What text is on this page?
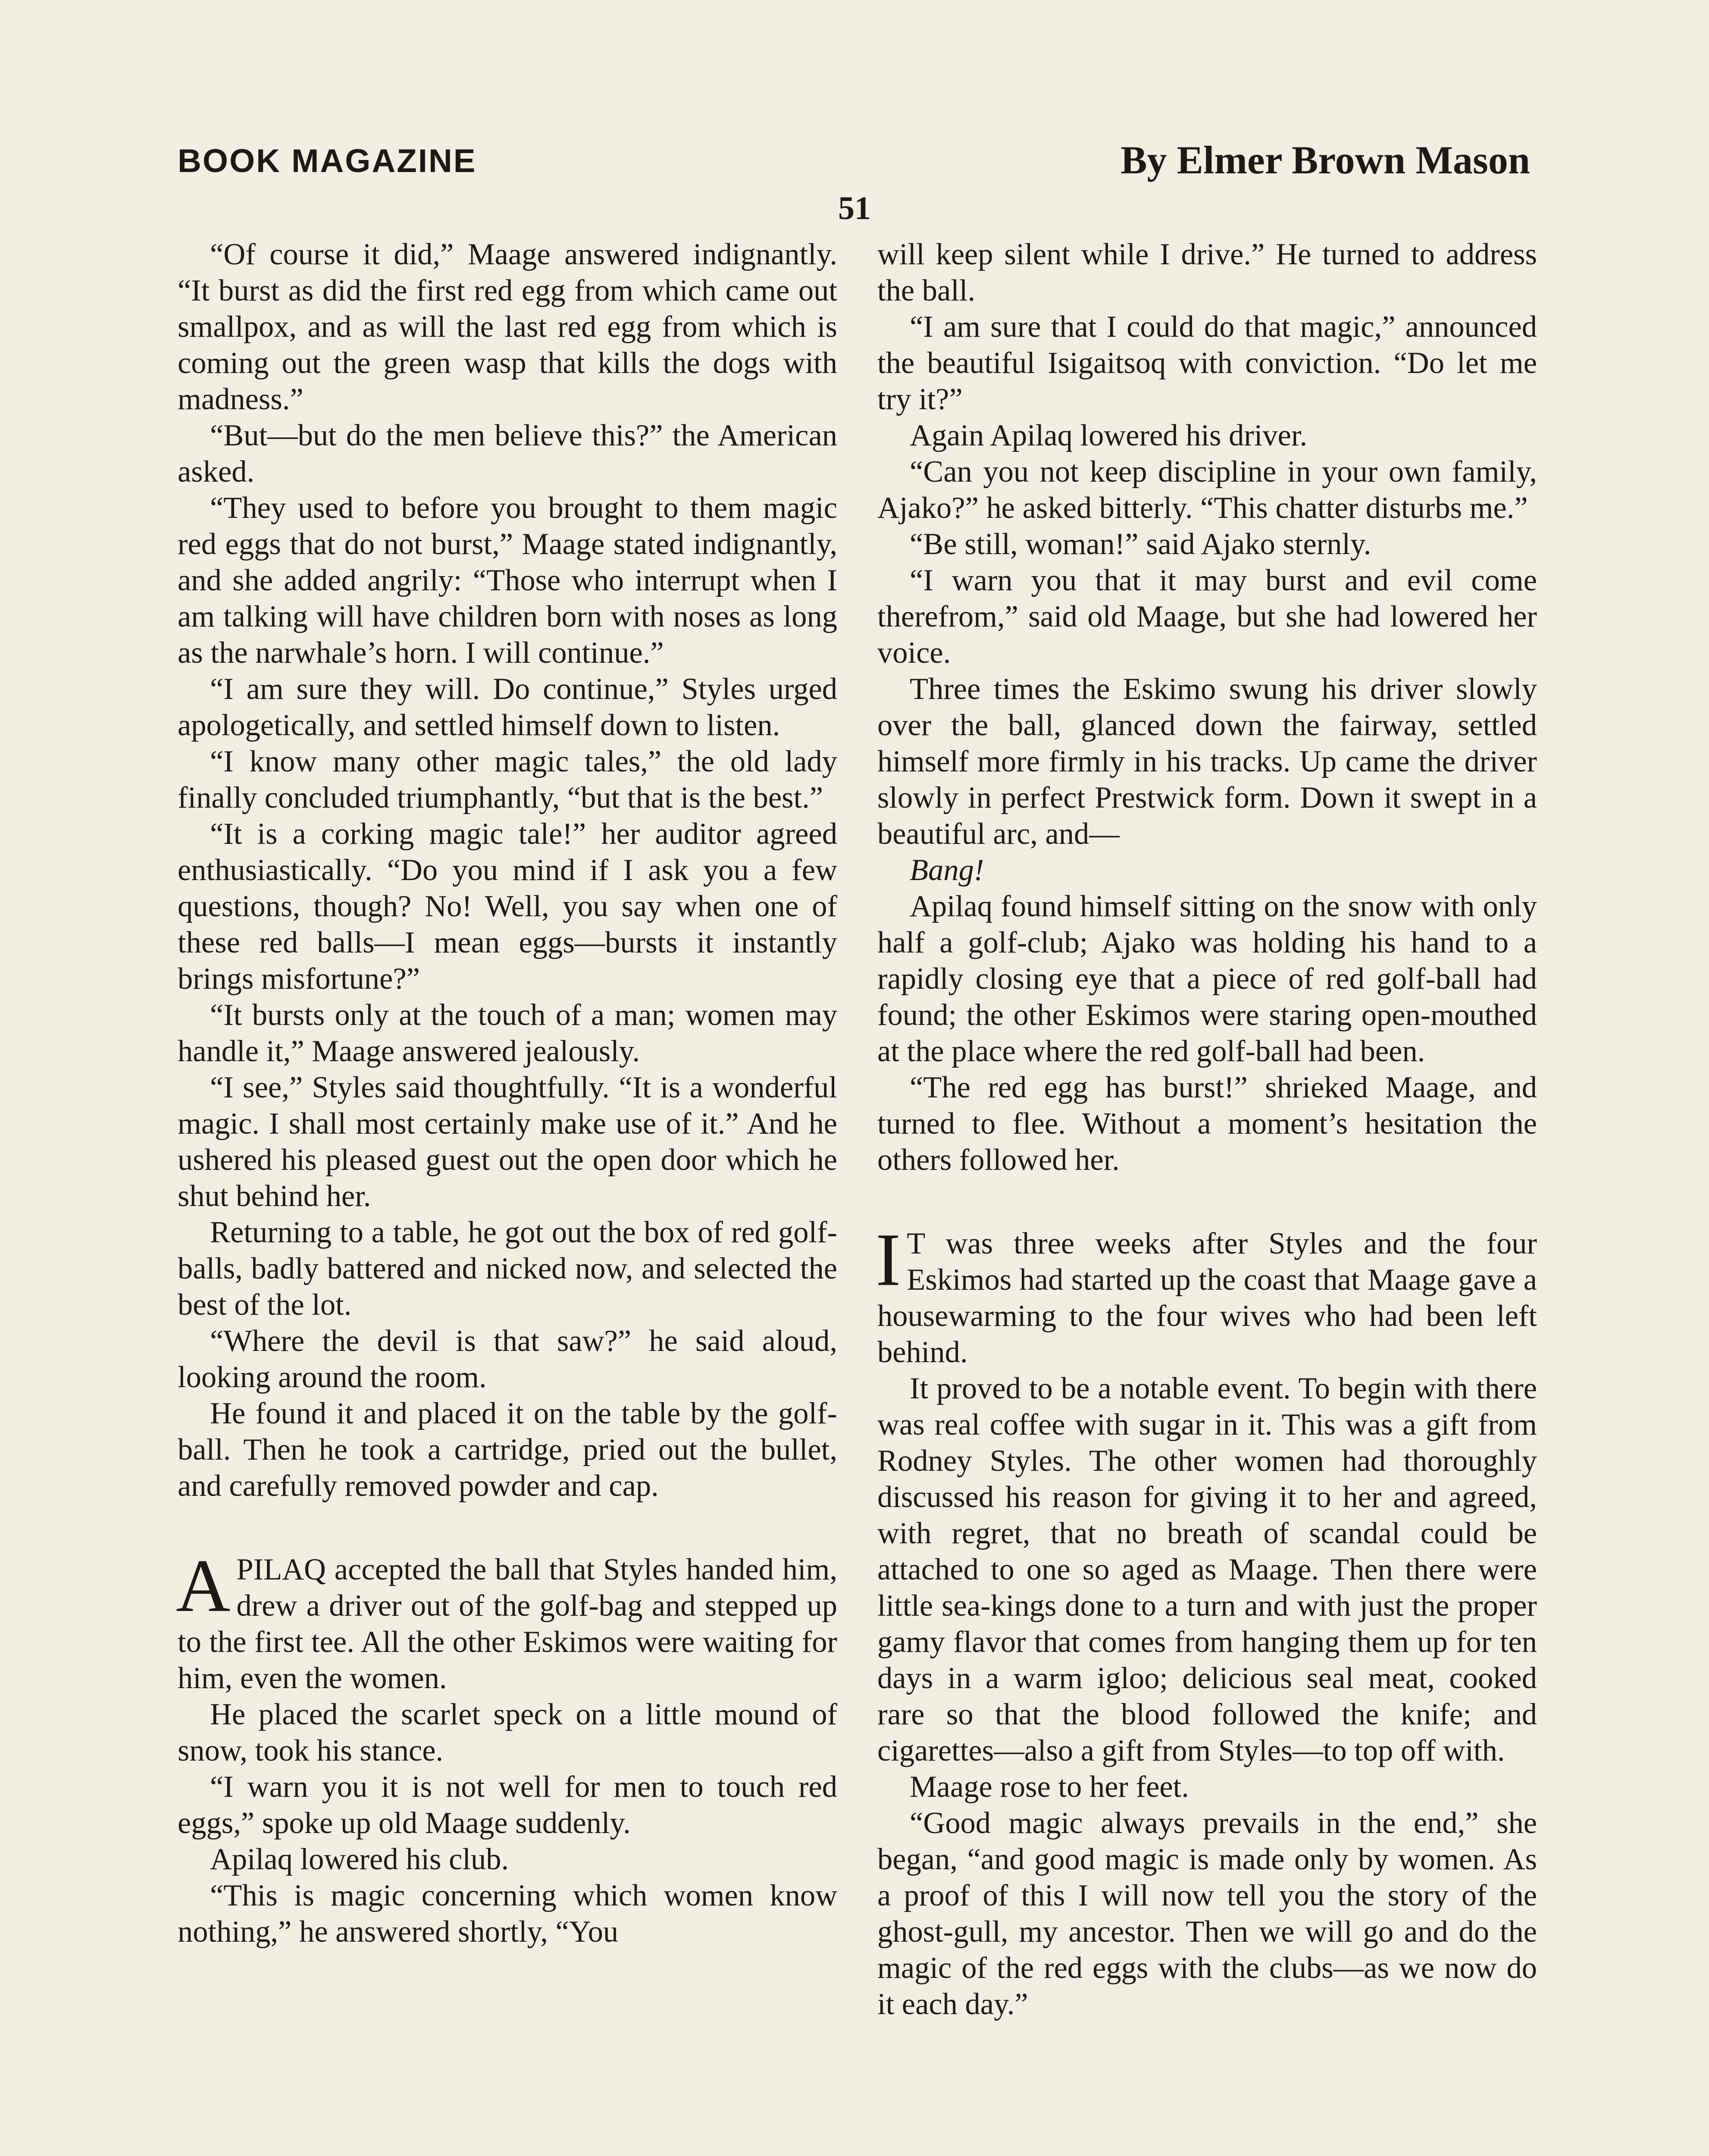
BOOK MAGAZINE	By Elmer Brown Mason
51

“Of course it did,” Maage answered indignantly. “It burst as did the first red egg from which came out smallpox, and as will the last red egg from which is coming out the green wasp that kills the dogs with madness.”

“But—but do the men believe this?” the American asked.

“They used to before you brought to them magic red eggs that do not burst,” Maage stated indignantly, and she added angrily: “Those who interrupt when I am talking will have children born with noses as long as the narwhale’s horn. I will continue.”

“I am sure they will. Do continue,” Styles urged apologetically, and settled himself down to listen.

“I know many other magic tales,” the old lady finally concluded triumphantly, “but that is the best.”

“It is a corking magic tale!” her auditor agreed enthusiastically. “Do you mind if I ask you a few questions, though? No! Well, you say when one of these red balls—I mean eggs—bursts it instantly brings misfortune?”

“It bursts only at the touch of a man; women may handle it,” Maage answered jealously.

“I see,” Styles said thoughtfully. “It is a wonderful magic. I shall most certainly make use of it.” And he ushered his pleased guest out the open door which he shut behind her.

Returning to a table, he got out the box of red golf-balls, badly battered and nicked now, and selected the best of the lot.

“Where the devil is that saw?” he said aloud, looking around the room.

He found it and placed it on the table by the golf-ball. Then he took a cartridge, pried out the bullet, and carefully removed powder and cap.

APILAQ accepted the ball that Styles handed him, drew a driver out of the golf-bag and stepped up to the first tee. All the other Eskimos were waiting for him, even the women.

He placed the scarlet speck on a little mound of snow, took his stance.

“I warn you it is not well for men to touch red eggs,” spoke up old Maage suddenly.

Apilaq lowered his club.

“This is magic concerning which women know nothing,” he answered shortly, “You

will keep silent while I drive.” He turned to address the ball.

“I am sure that I could do that magic,” announced the beautiful Isigaitsoq with conviction. “Do let me try it?”

Again Apilaq lowered his driver.

“Can you not keep discipline in your own family, Ajako?” he asked bitterly. “This chatter disturbs me.”

“Be still, woman!” said Ajako sternly.

“I warn you that it may burst and evil come therefrom,” said old Maage, but she had lowered her voice.

Three times the Eskimo swung his driver slowly over the ball, glanced down the fairway, settled himself more firmly in his tracks. Up came the driver slowly in perfect Prestwick form. Down it swept in a beautiful arc, and—

Bang!

Apilaq found himself sitting on the snow with only half a golf-club; Ajako was holding his hand to a rapidly closing eye that a piece of red golf-ball had found; the other Eskimos were staring open-mouthed at the place where the red golf-ball had been.

“The red egg has burst!” shrieked Maage, and turned to flee. Without a moment’s hesitation the others followed her.

I T was three weeks after Styles and the four Eskimos had started up the coast that Maage gave a housewarming to the four wives who had been left behind.

It proved to be a notable event. To begin with there was real coffee with sugar in it. This was a gift from Rodney Styles. The other women had thoroughly discussed his reason for giving it to her and agreed, with regret, that no breath of scandal could be attached to one so aged as Maage. Then there were little sea-kings done to a turn and with just the proper gamy flavor that comes from hanging them up for ten days in a warm igloo; delicious seal meat, cooked rare so that the blood followed the knife; and cigarettes—also a gift from Styles—to top off with.

Maage rose to her feet.

“Good magic always prevails in the end,” she began, “and good magic is made only by women. As a proof of this I will now tell you the story of the ghost-gull, my ancestor. Then we will go and do the magic of the red eggs with the clubs—as we now do it each day.”
